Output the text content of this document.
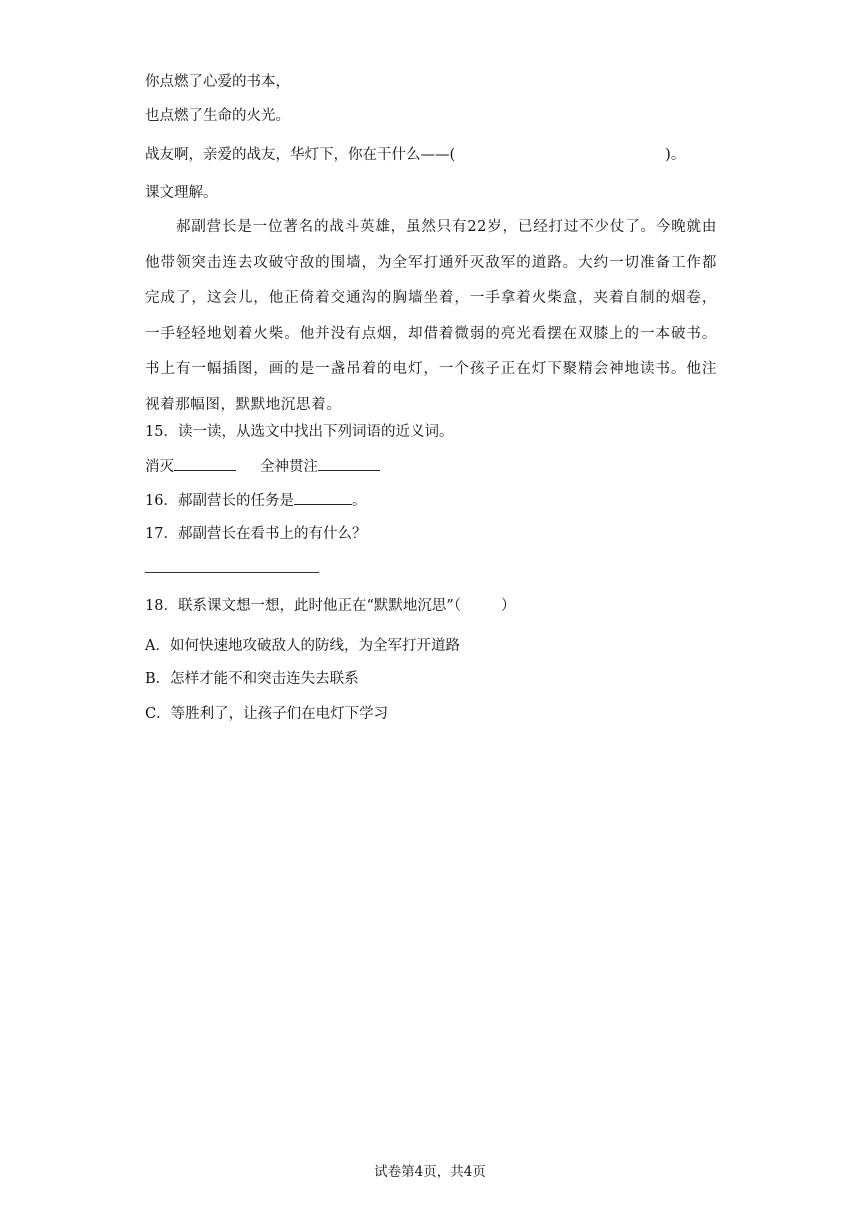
你点燃了心爱的书本，
也点燃了生命的火光。
战友啊，亲爱的战友，华灯下，你在干什么——(	)。
课文理解。
郝副营长是一位著名的战斗英雄，虽然只有22岁，已经打过不少仗了。今晚就由他带领突击连去攻破守敌的围墙，为全军打通歼灭敌军的道路。大约一切准备工作都完成了，这会儿，他正倚着交通沟的胸墙坐着，一手拿着火柴盒，夹着自制的烟卷，一手轻轻地划着火柴。他并没有点烟，却借着微弱的亮光看摆在双膝上的一本破书。书上有一幅插图，画的是一盏吊着的电灯，一个孩子正在灯下聚精会神地读书。他注视着那幅图，默默地沉思着。
15．读一读，从选文中找出下列词语的近义词。
消灭	全神贯注
16．郝副营长的任务是	。
17．郝副营长在看书上的有什么？
18．联系课文想一想，此时他正在“默默地沉思”（	）
A．如何快速地攻破敌人的防线，为全军打开道路
B．怎样才能不和突击连失去联系
C．等胜利了，让孩子们在电灯下学习
试卷第4页，共4页
